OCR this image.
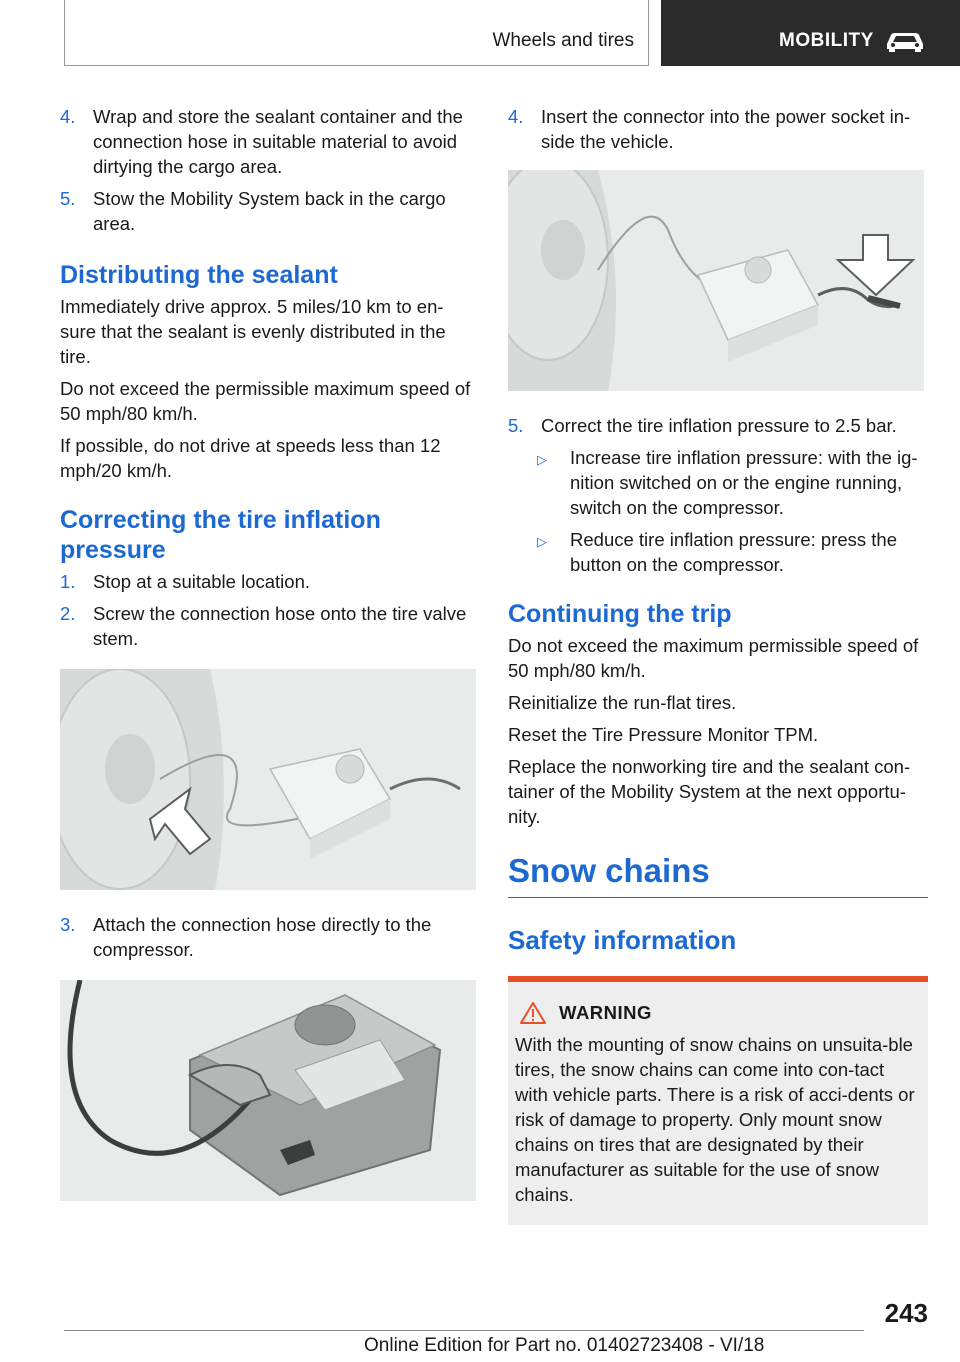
Wheels and tires	MOBILITY
4. Wrap and store the sealant container and the connection hose in suitable material to avoid dirtying the cargo area.
5. Stow the Mobility System back in the cargo area.
Distributing the sealant

Immediately drive approx. 5 miles/10 km to en‐sure that the sealant is evenly distributed in the tire.

Do not exceed the permissible maximum speed of 50 mph/80 km/h.

If possible, do not drive at speeds less than 12 mph/20 km/h.

Correcting the tire inflation pressure
1. Stop at a suitable location.
2. Screw the connection hose onto the tire valve stem.
3. Attach the connection hose directly to the compressor.
4. Insert the connector into the power socket in‐side the vehicle.
5. Correct the tire inflation pressure to 2.5 bar.
▷	Increase tire inflation pressure: with the ig‐nition switched on or the engine running, switch on the compressor.
▷	Reduce tire inflation pressure: press the button on the compressor.
Continuing the trip

Do not exceed the maximum permissible speed of 50 mph/80 km/h.

Reinitialize the run-flat tires.

Reset the Tire Pressure Monitor TPM.

Replace the nonworking tire and the sealant con‐tainer of the Mobility System at the next opportu‐nity.

Snow chains
Safety information
WARNING

With the mounting of snow chains on unsuita‐ble tires, the snow chains can come into con‐tact with vehicle parts. There is a risk of acci‐dents or risk of damage to property. Only mount snow chains on tires that are designated by their manufacturer as suitable for the use of snow chains.

243
Online Edition for Part no. 01402723408 - VI/18
